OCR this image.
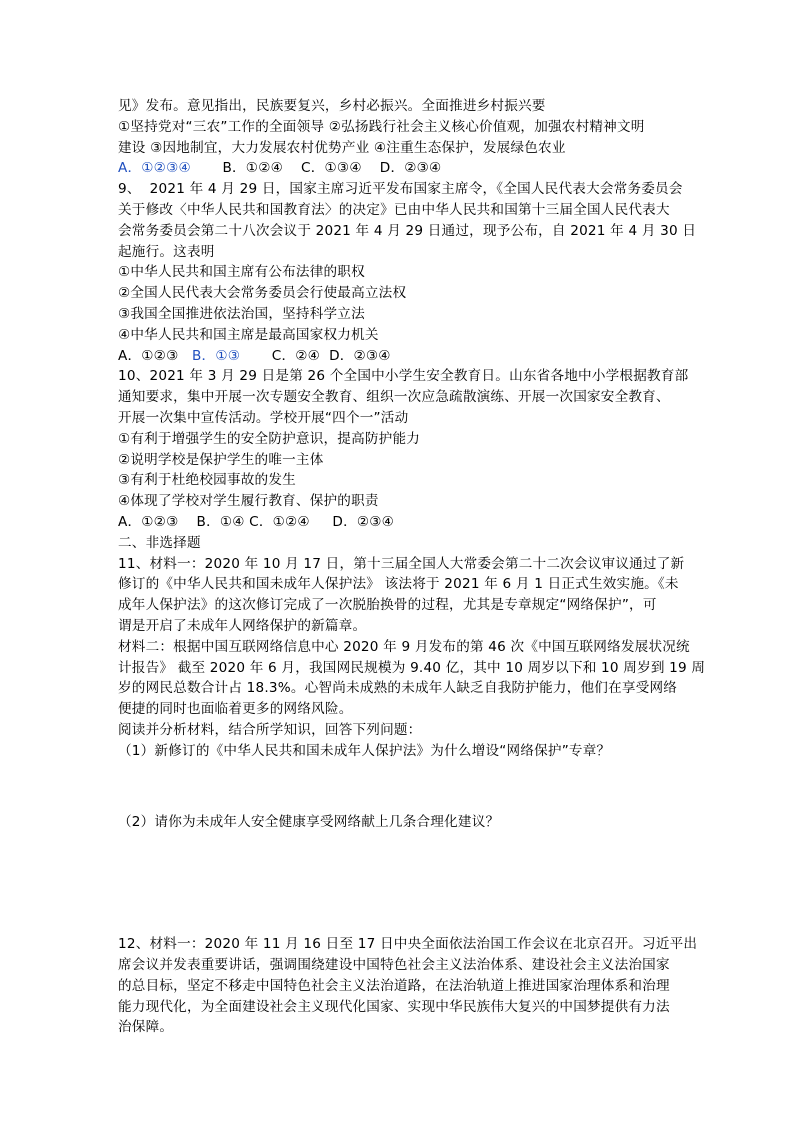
见》发布。意见指出，民族要复兴，乡村必振兴。全面推进乡村振兴要
①坚持党对“三农”工作的全面领导 ②弘扬践行社会主义核心价值观，加强农村精神文明
建设 ③因地制宜，大力发展农村优势产业 ④注重生态保护，发展绿色农业
A．①②③④       B．①②④    C．①③④    D．②③④
9、  2021 年 4 月 29 日，国家主席习近平发布国家主席令，《全国人民代表大会常务委员会
关于修改〈中华人民共和国教育法〉的决定》已由中华人民共和国第十三届全国人民代表大
会常务委员会第二十八次会议于 2021 年 4 月 29 日通过，现予公布，自 2021 年 4 月 30 日
起施行。这表明
①中华人民共和国主席有公布法律的职权
②全国人民代表大会常务委员会行使最高立法权
③我国全国推进依法治国，坚持科学立法
④中华人民共和国主席是最高国家权力机关
A．①②③   B．①③       C．②④  D．②③④
10、2021 年 3 月 29 日是第 26 个全国中小学生安全教育日。山东省各地中小学根据教育部
通知要求，集中开展一次专题安全教育、组织一次应急疏散演练、开展一次国家安全教育、
开展一次集中宣传活动。学校开展“四个一”活动
①有利于增强学生的安全防护意识，提高防护能力
②说明学校是保护学生的唯一主体
③有利于杜绝校园事故的发生
④体现了学校对学生履行教育、保护的职责
A．①②③    B．①④ C．①②④     D．②③④
二、非选择题
11、材料一：2020 年 10 月 17 日，第十三届全国人大常委会第二十二次会议审议通过了新
修订的《中华人民共和国未成年人保护法》 该法将于 2021 年 6 月 1 日正式生效实施。《未
成年人保护法》的这次修订完成了一次脱胎换骨的过程，尤其是专章规定“网络保护”，可
谓是开启了未成年人网络保护的新篇章。
材料二：根据中国互联网络信息中心 2020 年 9 月发布的第 46 次《中国互联网络发展状况统
计报告》 截至 2020 年 6 月，我国网民规模为 9.40 亿，其中 10 周岁以下和 10 周岁到 19 周
岁的网民总数合计占 18.3%。心智尚未成熟的未成年人缺乏自我防护能力，他们在享受网络
便捷的同时也面临着更多的网络风险。
阅读并分析材料，结合所学知识，回答下列问题：
（1）新修订的《中华人民共和国未成年人保护法》为什么增设“网络保护”专章？
（2）请你为未成年人安全健康享受网络献上几条合理化建议？
12、材料一：2020 年 11 月 16 日至 17 日中央全面依法治国工作会议在北京召开。习近平出
席会议并发表重要讲话，强调围绕建设中国特色社会主义法治体系、建设社会主义法治国家
的总目标，坚定不移走中国特色社会主义法治道路，在法治轨道上推进国家治理体系和治理
能力现代化，为全面建设社会主义现代化国家、实现中华民族伟大复兴的中国梦提供有力法
治保障。
